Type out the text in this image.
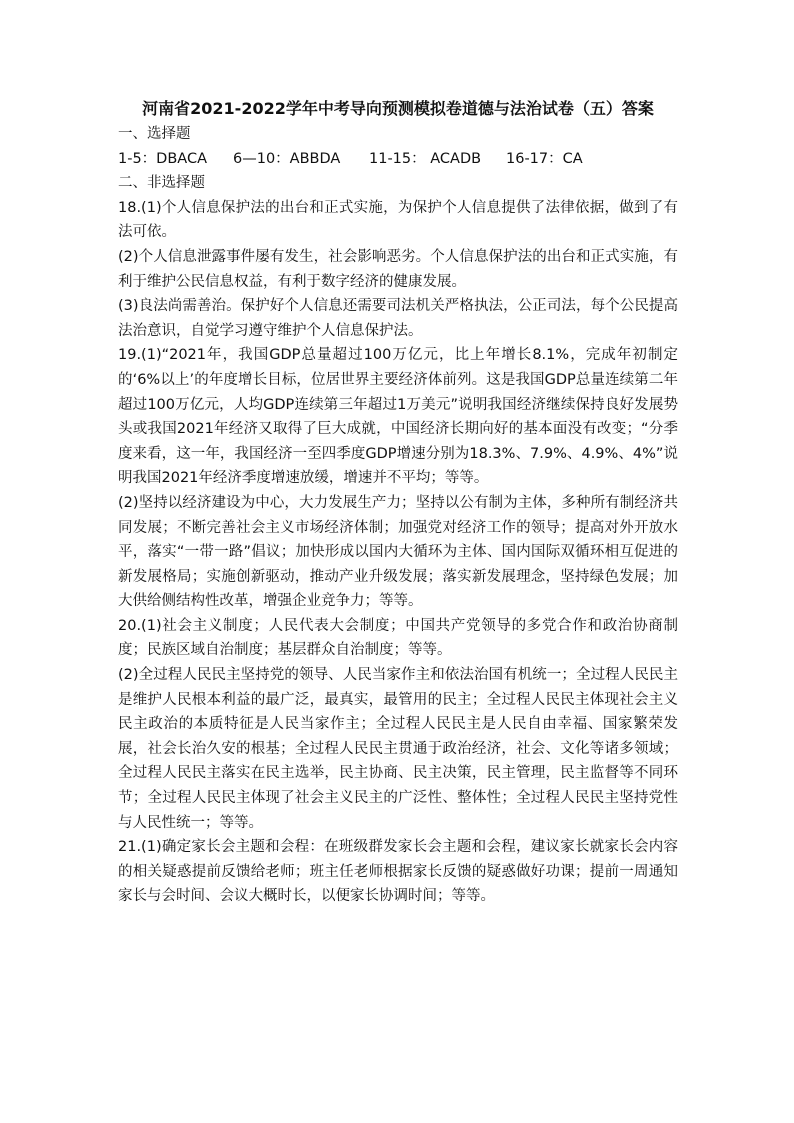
河南省2021-2022学年中考导向预测模拟卷道德与法治试卷（五）答案

一、选择题

1-5：DBACA	6—10：ABBDA	11-15： ACADB	16-17：CA

二、非选择题

18.(1)个人信息保护法的出台和正式实施，为保护个人信息提供了法律依据，做到了有法可依。

(2)个人信息泄露事件屡有发生，社会影响恶劣。个人信息保护法的出台和正式实施，有利于维护公民信息权益，有利于数字经济的健康发展。

(3)良法尚需善治。保护好个人信息还需要司法机关严格执法，公正司法，每个公民提高法治意识，自觉学习遵守维护个人信息保护法。

19.(1)“2021年，我国GDP总量超过100万亿元，比上年增长8.1%，完成年初制定的‘6%以上’的年度增长目标，位居世界主要经济体前列。这是我国GDP总量连续第二年超过100万亿元，人均GDP连续第三年超过1万美元”说明我国经济继续保持良好发展势头或我国2021年经济又取得了巨大成就，中国经济长期向好的基本面没有改变；“分季度来看，这一年，我国经济一至四季度GDP增速分别为18.3%、7.9%、4.9%、4%”说明我国2021年经济季度增速放缓，增速并不平均；等等。

(2)坚持以经济建设为中心，大力发展生产力；坚持以公有制为主体，多种所有制经济共同发展；不断完善社会主义市场经济体制；加强党对经济工作的领导；提高对外开放水平，落实“一带一路”倡议；加快形成以国内大循环为主体、国内国际双循环相互促进的新发展格局；实施创新驱动，推动产业升级发展；落实新发展理念，坚持绿色发展；加大供给侧结构性改革，增强企业竞争力；等等。

20.(1)社会主义制度；人民代表大会制度；中国共产党领导的多党合作和政治协商制度；民族区域自治制度；基层群众自治制度；等等。

(2)全过程人民民主坚持党的领导、人民当家作主和依法治国有机统一；全过程人民民主是维护人民根本利益的最广泛，最真实，最管用的民主；全过程人民民主体现社会主义民主政治的本质特征是人民当家作主；全过程人民民主是人民自由幸福、国家繁荣发展，社会长治久安的根基；全过程人民民主贯通于政治经济，社会、文化等诸多领域；全过程人民民主落实在民主选举，民主协商、民主决策，民主管理，民主监督等不同环节；全过程人民民主体现了社会主义民主的广泛性、整体性；全过程人民民主坚持党性与人民性统一；等等。

21.(1)确定家长会主题和会程：在班级群发家长会主题和会程，建议家长就家长会内容的相关疑惑提前反馈给老师；班主任老师根据家长反馈的疑惑做好功课；提前一周通知家长与会时间、会议大概时长，以便家长协调时间；等等。
